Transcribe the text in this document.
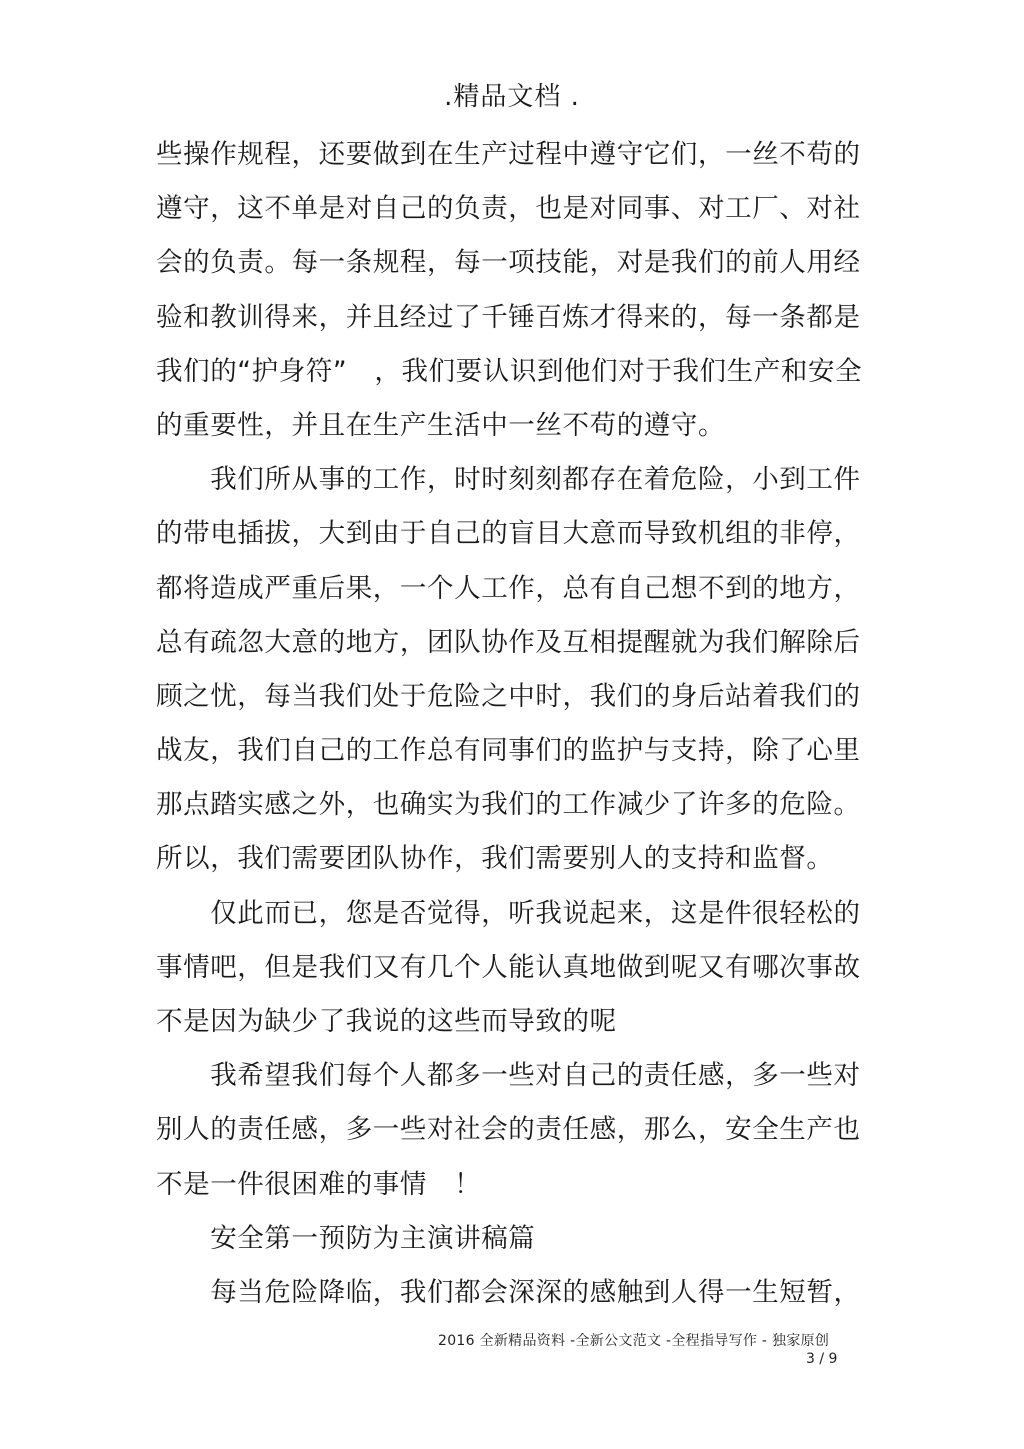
.精品文档 .
些操作规程，还要做到在生产过程中遵守它们，一丝不苟的
遵守，这不单是对自己的负责，也是对同事、对工厂、对社
会的负责。每一条规程，每一项技能，对是我们的前人用经
验和教训得来，并且经过了千锤百炼才得来的，每一条都是
我们的“护身符”　，我们要认识到他们对于我们生产和安全
的重要性，并且在生产生活中一丝不苟的遵守。
　　我们所从事的工作，时时刻刻都存在着危险，小到工件
的带电插拔，大到由于自己的盲目大意而导致机组的非停，
都将造成严重后果，一个人工作，总有自己想不到的地方，
总有疏忽大意的地方，团队协作及互相提醒就为我们解除后
顾之忧，每当我们处于危险之中时，我们的身后站着我们的
战友，我们自己的工作总有同事们的监护与支持，除了心里
那点踏实感之外，也确实为我们的工作减少了许多的危险。
所以，我们需要团队协作，我们需要别人的支持和监督。
　　仅此而已，您是否觉得，听我说起来，这是件很轻松的
事情吧，但是我们又有几个人能认真地做到呢又有哪次事故
不是因为缺少了我说的这些而导致的呢
　　我希望我们每个人都多一些对自己的责任感，多一些对
别人的责任感，多一些对社会的责任感，那么，安全生产也
不是一件很困难的事情　！
　　安全第一预防为主演讲稿篇
　　每当危险降临，我们都会深深的感触到人得一生短暂，
2016 全新精品资料 -全新公文范文 -全程指导写作 - 独家原创
3 / 9
